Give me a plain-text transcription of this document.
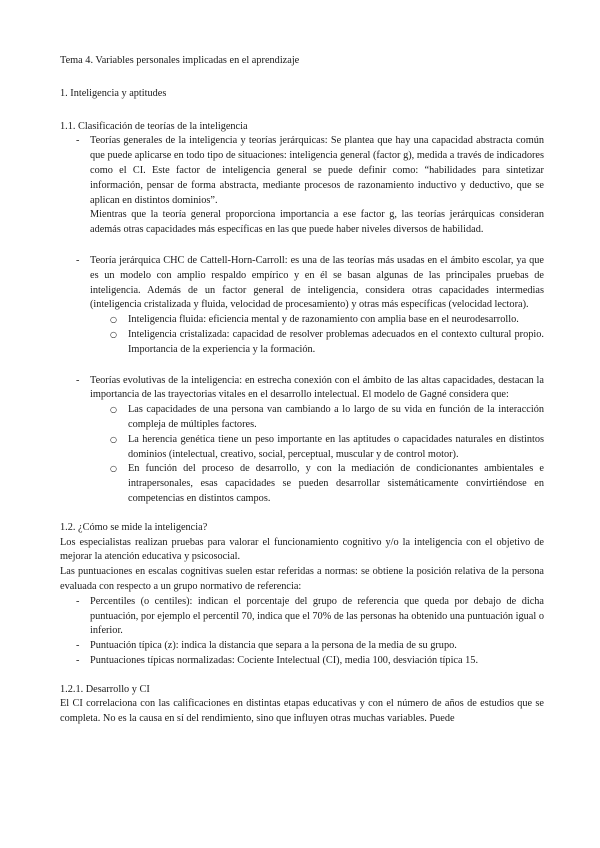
Tema 4. Variables personales implicadas en el aprendizaje
1. Inteligencia y aptitudes
1.1. Clasificación de teorías de la inteligencia
- Teorías generales de la inteligencia y teorías jerárquicas: Se plantea que hay una capacidad abstracta común que puede aplicarse en todo tipo de situaciones: inteligencia general (factor g), medida a través de indicadores como el CI. Este factor de inteligencia general se puede definir como: “habilidades para sintetizar información, pensar de forma abstracta, mediante procesos de razonamiento inductivo y deductivo, que se aplican en distintos dominios”.
Mientras que la teoría general proporciona importancia a ese factor g, las teorías jerárquicas consideran además otras capacidades más específicas en las que puede haber niveles diversos de habilidad.
- Teoría jerárquica CHC de Cattell-Horn-Carroll: es una de las teorías más usadas en el ámbito escolar, ya que es un modelo con amplio respaldo empírico y en él se basan algunas de las principales pruebas de inteligencia. Además de un factor general de inteligencia, considera otras capacidades intermedias (inteligencia cristalizada y fluida, velocidad de procesamiento) y otras más específicas (velocidad lectora).
○ Inteligencia fluida: eficiencia mental y de razonamiento con amplia base en el neurodesarrollo.
○ Inteligencia cristalizada: capacidad de resolver problemas adecuados en el contexto cultural propio. Importancia de la experiencia y la formación.
- Teorías evolutivas de la inteligencia: en estrecha conexión con el ámbito de las altas capacidades, destacan la importancia de las trayectorias vitales en el desarrollo intelectual. El modelo de Gagné considera que:
○ Las capacidades de una persona van cambiando a lo largo de su vida en función de la interacción compleja de múltiples factores.
○ La herencia genética tiene un peso importante en las aptitudes o capacidades naturales en distintos dominios (intelectual, creativo, social, perceptual, muscular y de control motor).
○ En función del proceso de desarrollo, y con la mediación de condicionantes ambientales e intrapersonales, esas capacidades se pueden desarrollar sistemáticamente convirtiéndose en competencias en distintos campos.
1.2. ¿Cómo se mide la inteligencia?

Los especialistas realizan pruebas para valorar el funcionamiento cognitivo y/o la inteligencia con el objetivo de mejorar la atención educativa y psicosocial.

Las puntuaciones en escalas cognitivas suelen estar referidas a normas: se obtiene la posición relativa de la persona evaluada con respecto a un grupo normativo de referencia:

- Percentiles (o centiles): indican el porcentaje del grupo de referencia que queda por debajo de dicha puntuación, por ejemplo el percentil 70, indica que el 70% de las personas ha obtenido una puntuación igual o inferior.
- Puntuación típica (z): indica la distancia que separa a la persona de la media de su grupo.
- Puntuaciones típicas normalizadas: Cociente Intelectual (CI), media 100, desviación típica 15.
1.2.1. Desarrollo y CI

El CI correlaciona con las calificaciones en distintas etapas educativas y con el número de años de estudios que se completa. No es la causa en sí del rendimiento, sino que influyen otras muchas variables. Puede
